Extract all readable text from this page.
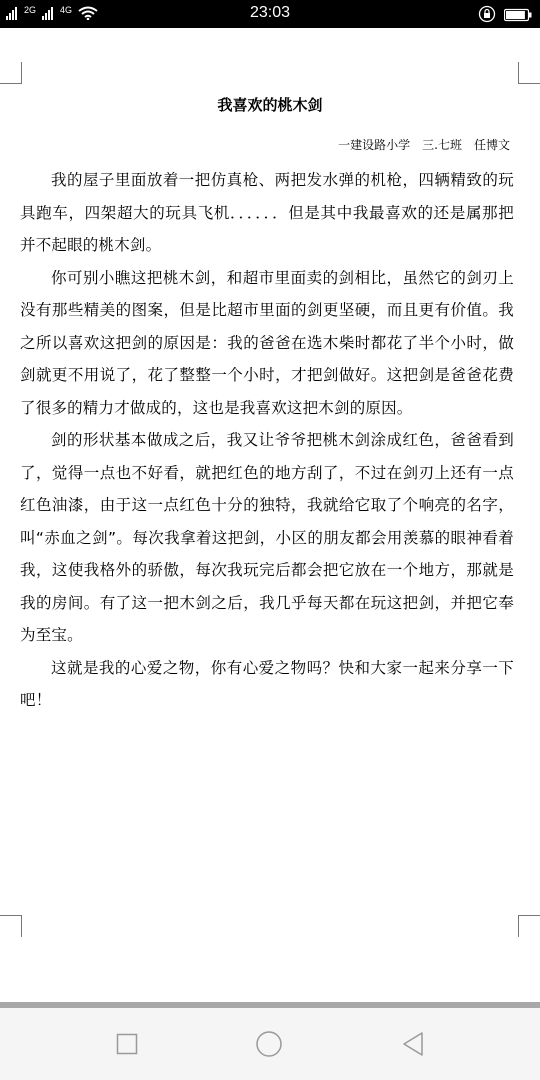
2G	4G	23:03
我喜欢的桃木剑
一建设路小学　三.七班　任博文

我的屋子里面放着一把仿真枪、两把发水弹的机枪，四辆精致的玩具跑车，四架超大的玩具飞机．．．．．．但是其中我最喜欢的还是属那把并不起眼的桃木剑。

你可别小瞧这把桃木剑，和超市里面卖的剑相比，虽然它的剑刃上没有那些精美的图案，但是比超市里面的剑更坚硬，而且更有价值。我之所以喜欢这把剑的原因是：我的爸爸在选木柴时都花了半个小时，做剑就更不用说了，花了整整一个小时，才把剑做好。这把剑是爸爸花费了很多的精力才做成的，这也是我喜欢这把木剑的原因。

剑的形状基本做成之后，我又让爷爷把桃木剑涂成红色，爸爸看到了，觉得一点也不好看，就把红色的地方刮了，不过在剑刃上还有一点红色油漆，由于这一点红色十分的独特，我就给它取了个响亮的名字，叫“赤血之剑”。每次我拿着这把剑，小区的朋友都会用羡慕的眼神看着我，这使我格外的骄傲，每次我玩完后都会把它放在一个地方，那就是我的房间。有了这一把木剑之后，我几乎每天都在玩这把剑，并把它奉为至宝。

这就是我的心爱之物，你有心爱之物吗？快和大家一起来分享一下吧！
